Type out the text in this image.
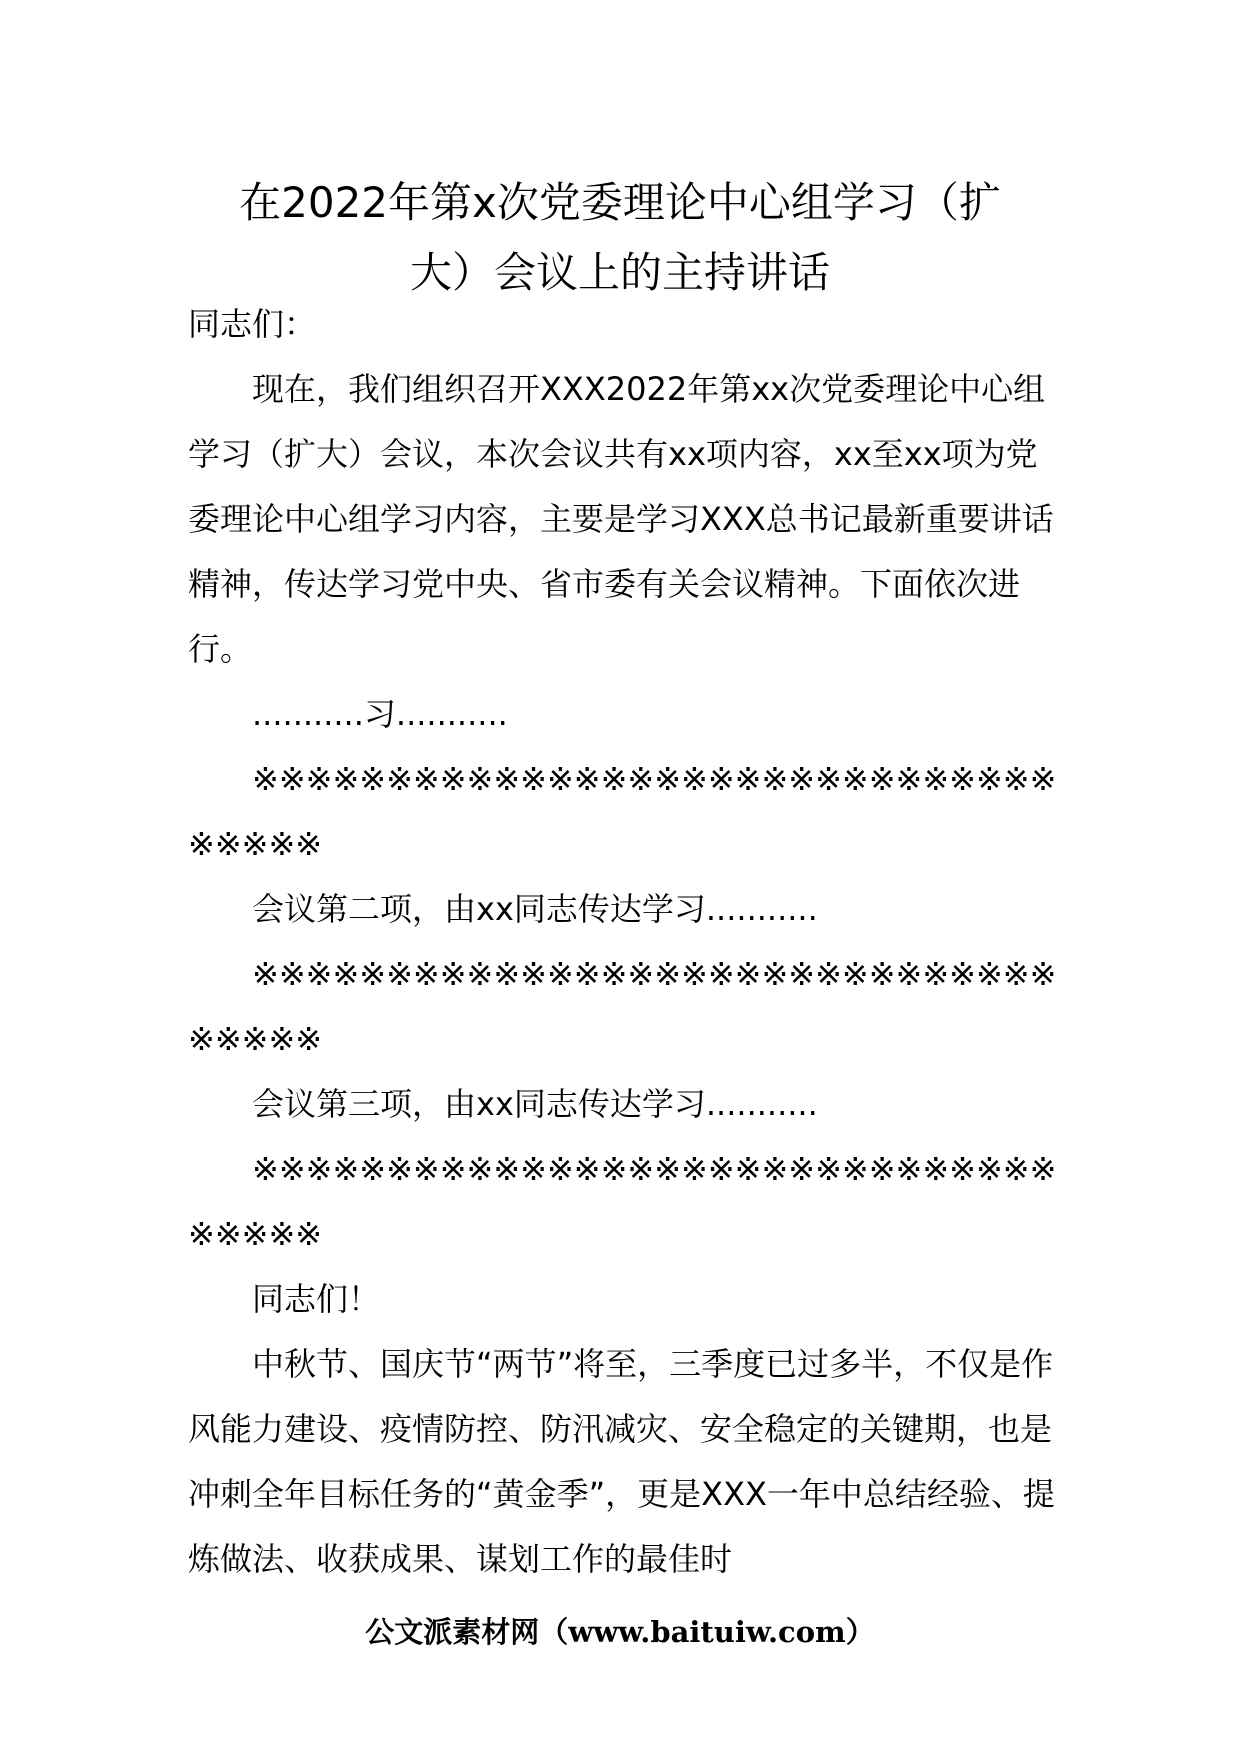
在2022年第x次党委理论中心组学习（扩
大）会议上的主持讲话

同志们：

现在，我们组织召开XXX2022年第xx次党委理论中心组学习（扩大）会议，本次会议共有xx项内容，xx至xx项为党委理论中心组学习内容，主要是学习XXX总书记最新重要讲话精神，传达学习党中央、省市委有关会议精神。下面依次进行。

...........习...........

※※※※※※※※※※※※※※※※※※※※※※※※※※※※※※※※※※※

会议第二项，由xx同志传达学习...........

※※※※※※※※※※※※※※※※※※※※※※※※※※※※※※※※※※※

会议第三项，由xx同志传达学习...........

※※※※※※※※※※※※※※※※※※※※※※※※※※※※※※※※※※※

同志们！

中秋节、国庆节“两节”将至，三季度已过多半，不仅是作风能力建设、疫情防控、防汛减灾、安全稳定的关键期，也是冲刺全年目标任务的“黄金季”，更是XXX一年中总结经验、提炼做法、收获成果、谋划工作的最佳时

公文派素材网（www.baituiw.com）
